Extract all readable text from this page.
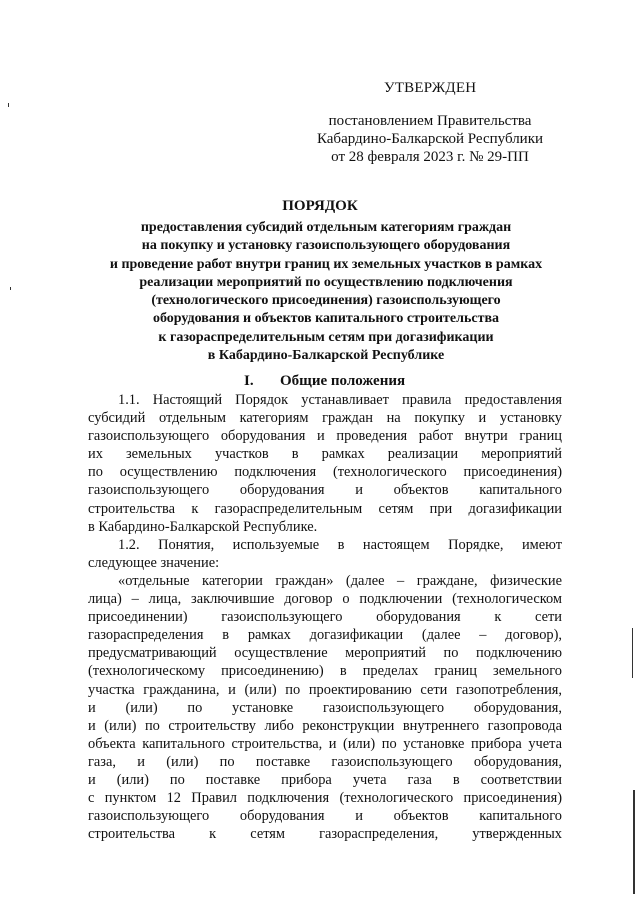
УТВЕРЖДЕН
постановлением Правительства
Кабардино-Балкарской Республики
от 28 февраля 2023 г. № 29-ПП
ПОРЯДОК
предоставления субсидий отдельным категориям граждан
на покупку и установку газоиспользующего оборудования
и проведение работ внутри границ их земельных участков в рамках
реализации мероприятий по осуществлению подключения
(технологического присоединения) газоиспользующего
оборудования и объектов капитального строительства
к газораспределительным сетям при догазификации
в Кабардино-Балкарской Республике
I. Общие положения
1.1. Настоящий Порядок устанавливает правила предоставления
субсидий отдельным категориям граждан на покупку и установку
газоиспользующего оборудования и проведения работ внутри границ
их земельных участков в рамках реализации мероприятий
по осуществлению подключения (технологического присоединения)
газоиспользующего оборудования и объектов капитального
строительства к газораспределительным сетям при догазификации
в Кабардино-Балкарской Республике.
1.2. Понятия, используемые в настоящем Порядке, имеют
следующее значение:
«отдельные категории граждан» (далее – граждане, физические
лица) – лица, заключившие договор о подключении (технологическом
присоединении) газоиспользующего оборудования к сети
газораспределения в рамках догазификации (далее – договор),
предусматривающий осуществление мероприятий по подключению
(технологическому присоединению) в пределах границ земельного
участка гражданина, и (или) по проектированию сети газопотребления,
и (или) по установке газоиспользующего оборудования,
и (или) по строительству либо реконструкции внутреннего газопровода
объекта капитального строительства, и (или) по установке прибора учета
газа, и (или) по поставке газоиспользующего оборудования,
и (или) по поставке прибора учета газа в соответствии
с пунктом 12 Правил подключения (технологического присоединения)
газоиспользующего оборудования и объектов капитального
строительства к сетям газораспределения, утвержденных
